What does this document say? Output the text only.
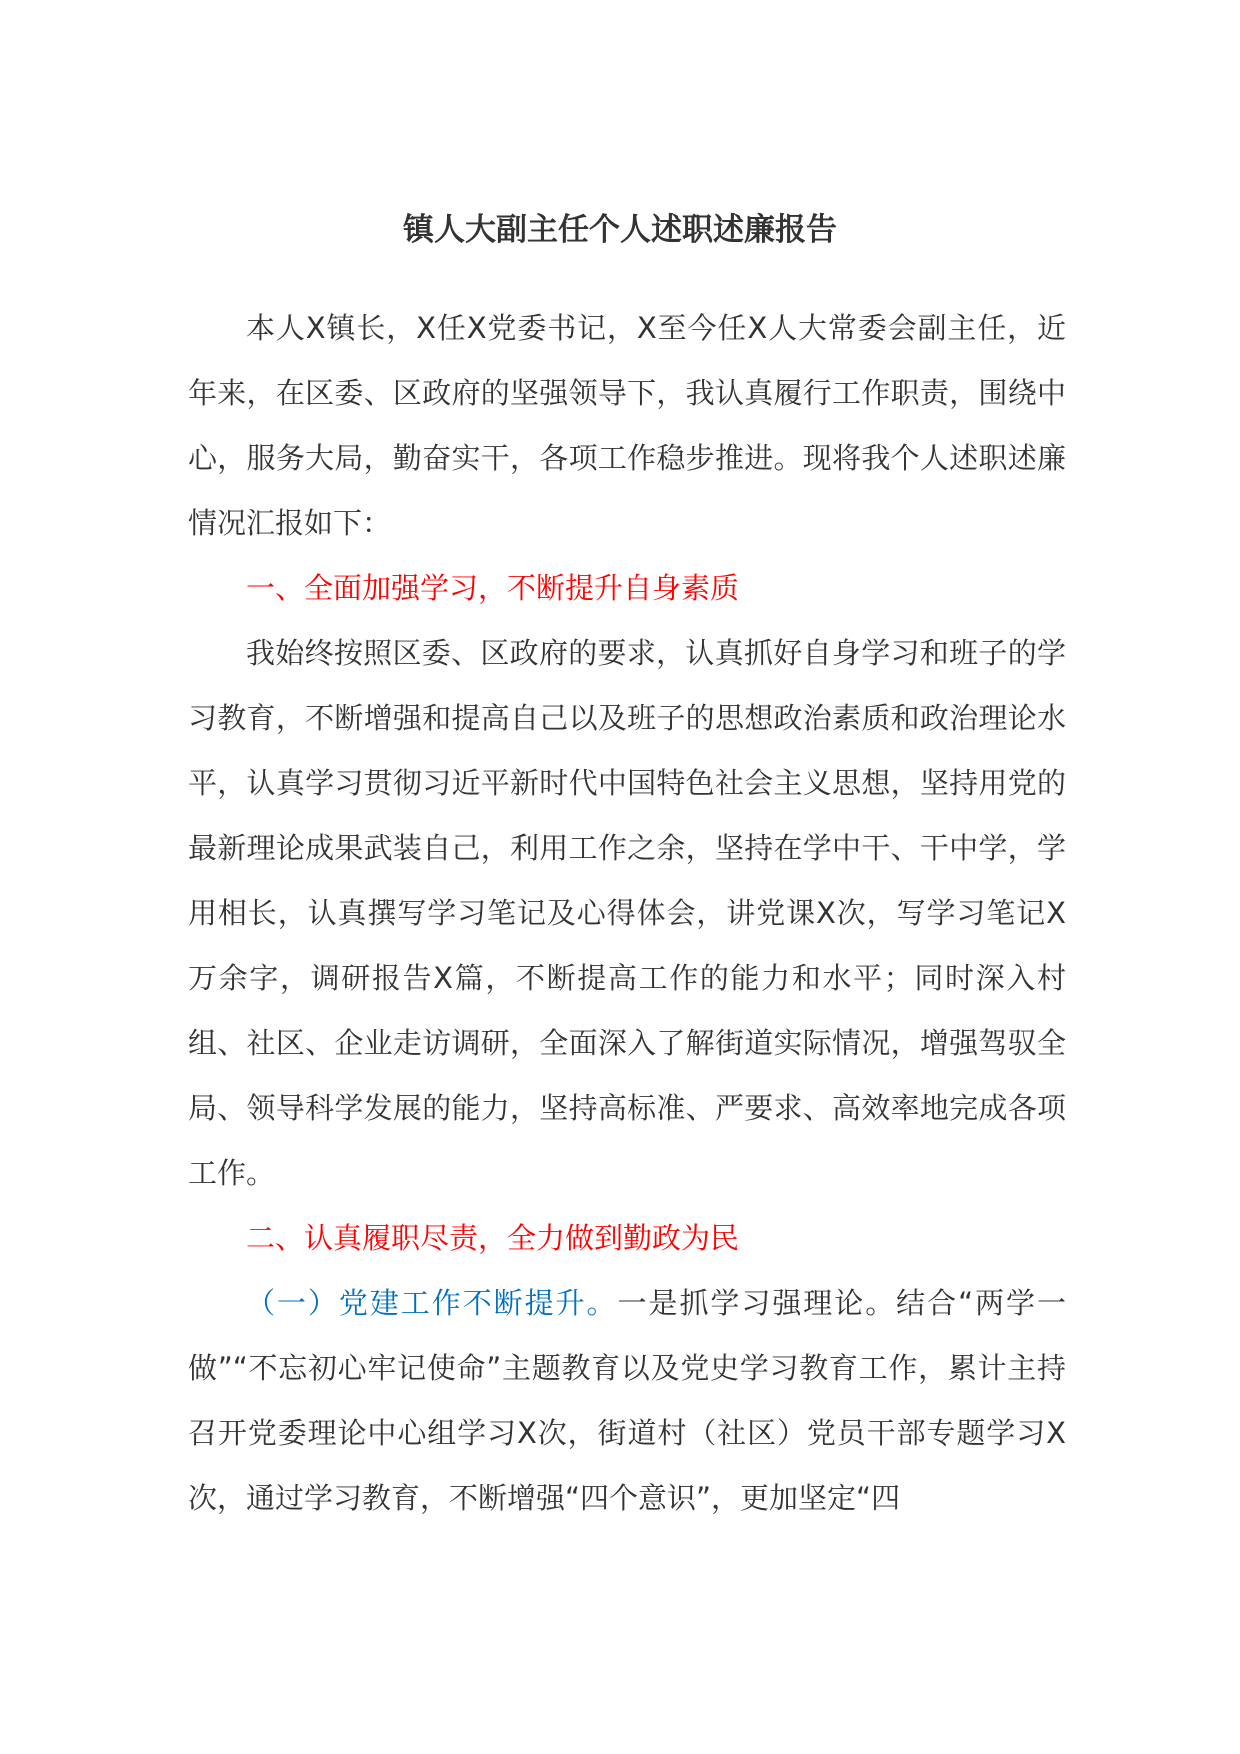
镇人大副主任个人述职述廉报告

本人X镇长，X任X党委书记，X至今任X人大常委会副主任，近年来，在区委、区政府的坚强领导下，我认真履行工作职责，围绕中心，服务大局，勤奋实干，各项工作稳步推进。现将我个人述职述廉情况汇报如下：

一、全面加强学习，不断提升自身素质

我始终按照区委、区政府的要求，认真抓好自身学习和班子的学习教育，不断增强和提高自己以及班子的思想政治素质和政治理论水平，认真学习贯彻习近平新时代中国特色社会主义思想，坚持用党的最新理论成果武装自己，利用工作之余，坚持在学中干、干中学，学用相长，认真撰写学习笔记及心得体会，讲党课X次，写学习笔记X万余字，调研报告X篇，不断提高工作的能力和水平；同时深入村组、社区、企业走访调研，全面深入了解街道实际情况，增强驾驭全局、领导科学发展的能力，坚持高标准、严要求、高效率地完成各项工作。

二、认真履职尽责，全力做到勤政为民

（一）党建工作不断提升。一是抓学习强理论。结合“两学一做”“不忘初心牢记使命”主题教育以及党史学习教育工作，累计主持召开党委理论中心组学习X次，街道村（社区）党员干部专题学习X次，通过学习教育，不断增强“四个意识”，更加坚定“四
